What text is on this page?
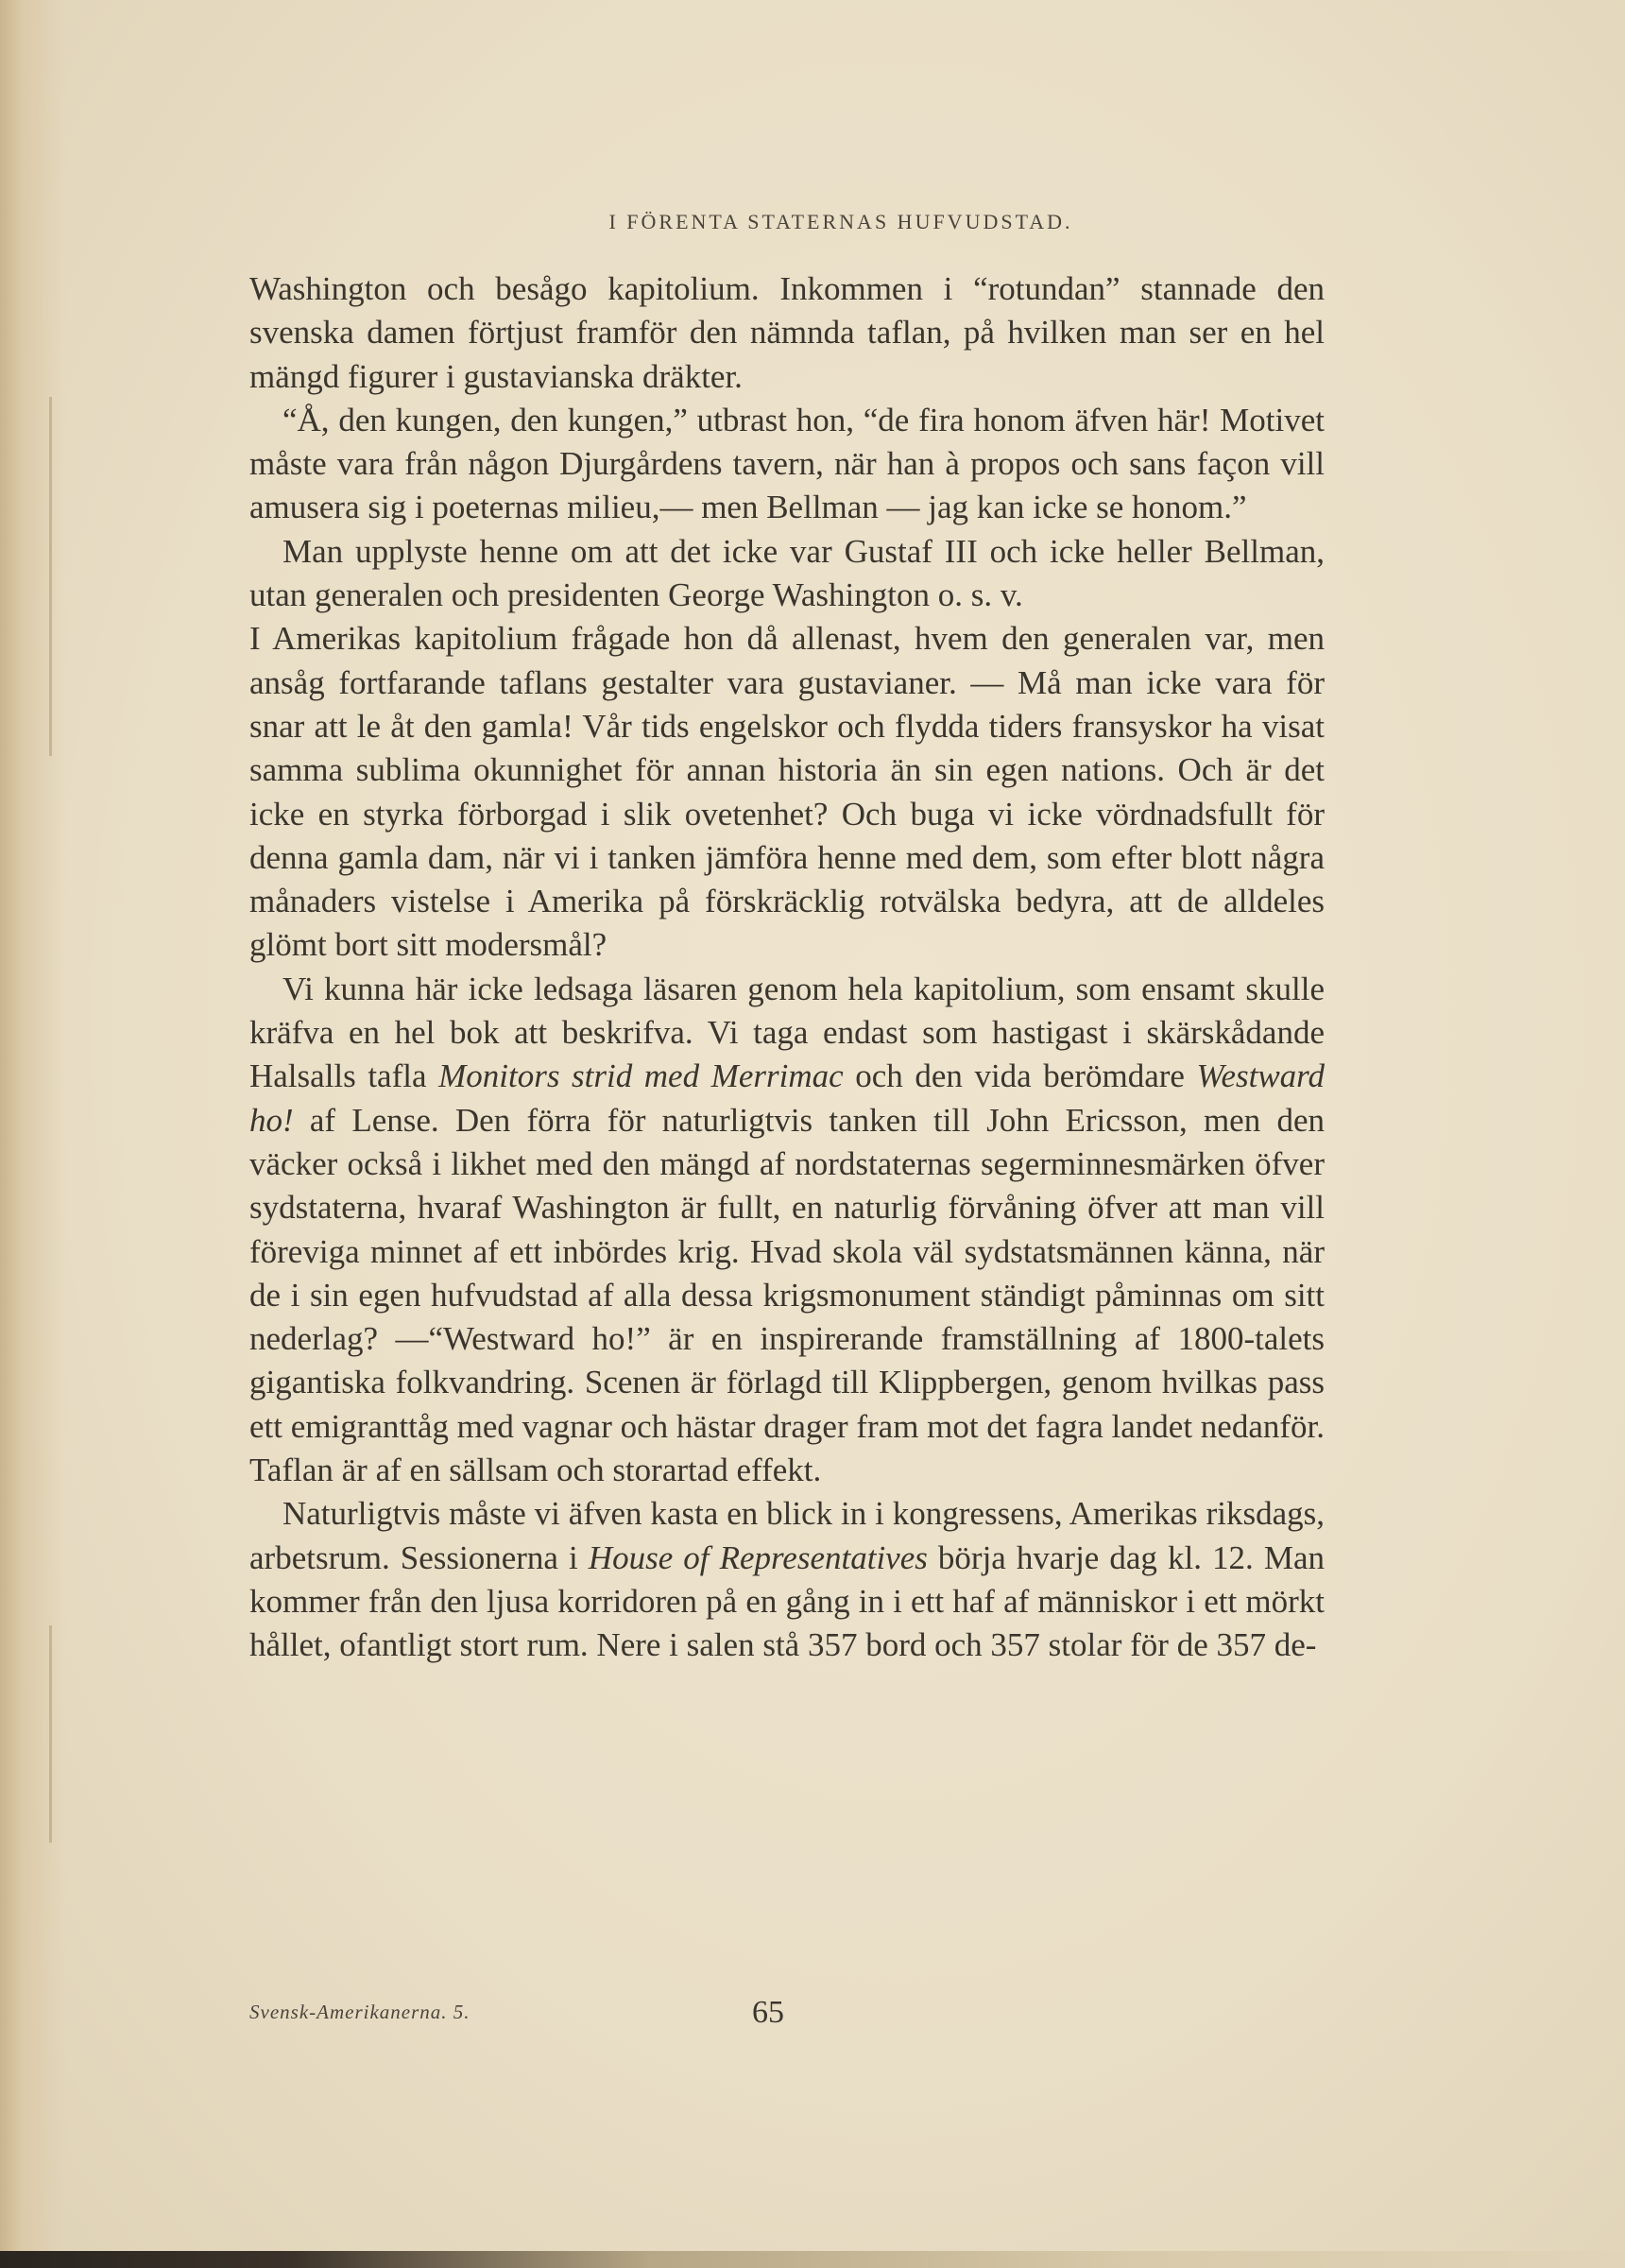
I FÖRENTA STATERNAS HUFVUDSTAD.

Washington och besågo kapitolium. Inkommen i “rotundan” stannade den svenska damen förtjust framför den nämnda taflan, på hvilken man ser en hel mängd figurer i gustavianska dräkter.

“Å, den kungen, den kungen,” utbrast hon, “de fira honom äfven här! Motivet måste vara från någon Djurgårdens tavern, när han à propos och sans façon vill amusera sig i poeternas milieu,— men Bellman — jag kan icke se honom.”

Man upplyste henne om att det icke var Gustaf III och icke heller Bellman, utan generalen och presidenten George Washington o. s. v.

I Amerikas kapitolium frågade hon då allenast, hvem den generalen var, men ansåg fortfarande taflans gestalter vara gustavianer. — Må man icke vara för snar att le åt den gamla! Vår tids engelskor och flydda tiders fransyskor ha visat samma sublima okunnighet för annan historia än sin egen nations. Och är det icke en styrka förborgad i slik ovetenhet? Och buga vi icke vördnadsfullt för denna gamla dam, när vi i tanken jämföra henne med dem, som efter blott några månaders vistelse i Amerika på förskräcklig rotvälska bedyra, att de alldeles glömt bort sitt modersmål?

Vi kunna här icke ledsaga läsaren genom hela kapitolium, som ensamt skulle kräfva en hel bok att beskrifva. Vi taga endast som hastigast i skärskådande Halsalls tafla Monitors strid med Merrimac och den vida berömdare Westward ho! af Lense. Den förra för naturligtvis tanken till John Ericsson, men den väcker också i likhet med den mängd af nordstaternas segerminnesmärken öfver sydstaterna, hvaraf Washington är fullt, en naturlig förvåning öfver att man vill föreviga minnet af ett inbördes krig. Hvad skola väl sydstatsmännen känna, när de i sin egen hufvudstad af alla dessa krigsmonument ständigt påminnas om sitt nederlag? —“Westward ho!” är en inspirerande framställning af 1800-talets gigantiska folkvandring. Scenen är förlagd till Klippbergen, genom hvilkas pass ett emigranttåg med vagnar och hästar drager fram mot det fagra landet nedanför. Taflan är af en sällsam och storartad effekt.

Naturligtvis måste vi äfven kasta en blick in i kongressens, Amerikas riksdags, arbetsrum. Sessionerna i House of Representatives börja hvarje dag kl. 12. Man kommer från den ljusa korridoren på en gång in i ett haf af människor i ett mörkt hållet, ofantligt stort rum. Nere i salen stå 357 bord och 357 stolar för de 357 de-

Svensk-Amerikanerna. 5.	65
